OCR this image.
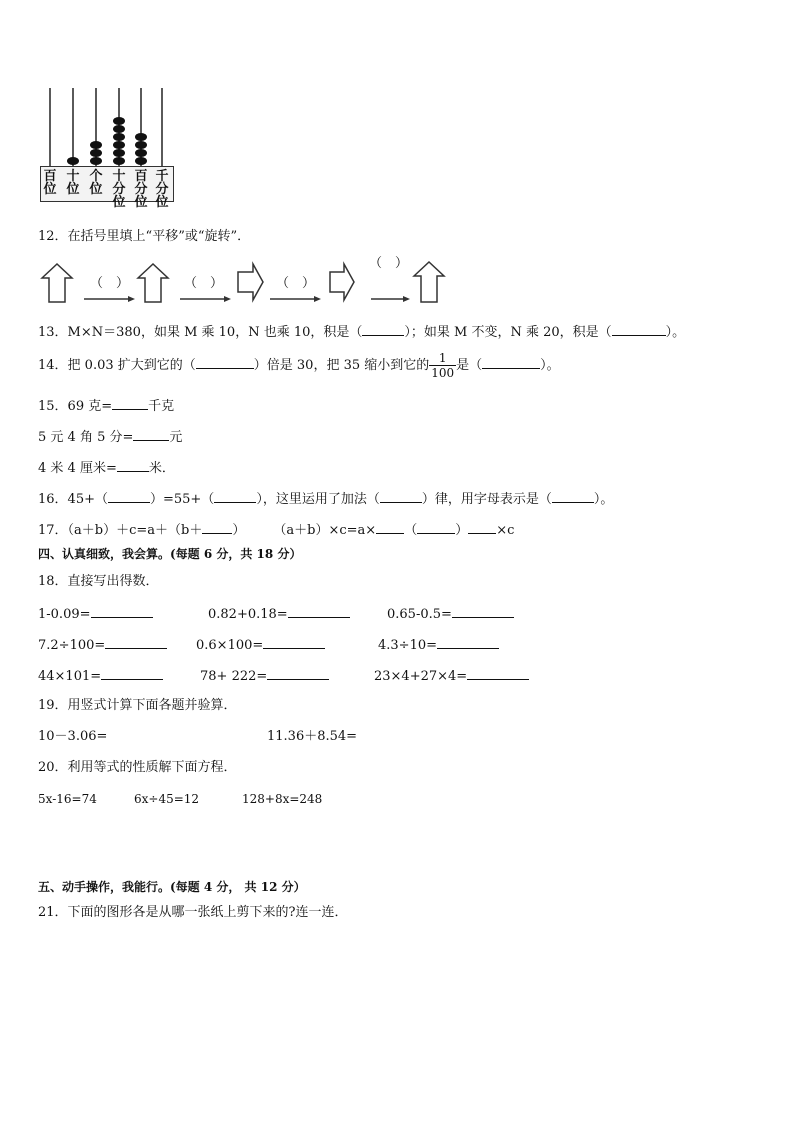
百
位
十
位
个
位
十
分
位
百
分
位
千
分
位
12．在括号里填上“平移”或“旋转”．
（　）	（　）	（　）
（　）
13．M×N＝380，如果 M 乘 10，N 也乘 10，积是（	）；如果 M 不变，N 乘 20，积是（	）。
14．把 0.03 扩大到它的（	）倍是 30，把 35 缩小到它的 $\frac{1}{100}$ 是（	）。
15．69 克=	千克
5 元 4 角 5 分=	元
4 米 4 厘米= 米．
16．45+（	）=55+（	），这里运用了加法（	）律，用字母表示是（	）。
17．（a＋b）＋c=a＋（b＋ ） （a＋b）×c=a× （	） ×c
四、认真细致，我会算。(每题 6 分，共 18 分）
18．直接写出得数．
1-0.09=	0.82+0.18=	0.65-0.5=
7.2÷100=	0.6×100=	4.3÷10=
44×101=	78+ 222=	23×4+27×4=
19．用竖式计算下面各题并验算．
10－3.06=	11.36＋8.54=
20．利用等式的性质解下面方程．
5x-16=74	6x÷45=12	128+8x=248
五、动手操作，我能行。(每题 4 分， 共 12 分）
21．下面的图形各是从哪一张纸上剪下来的?连一连．
